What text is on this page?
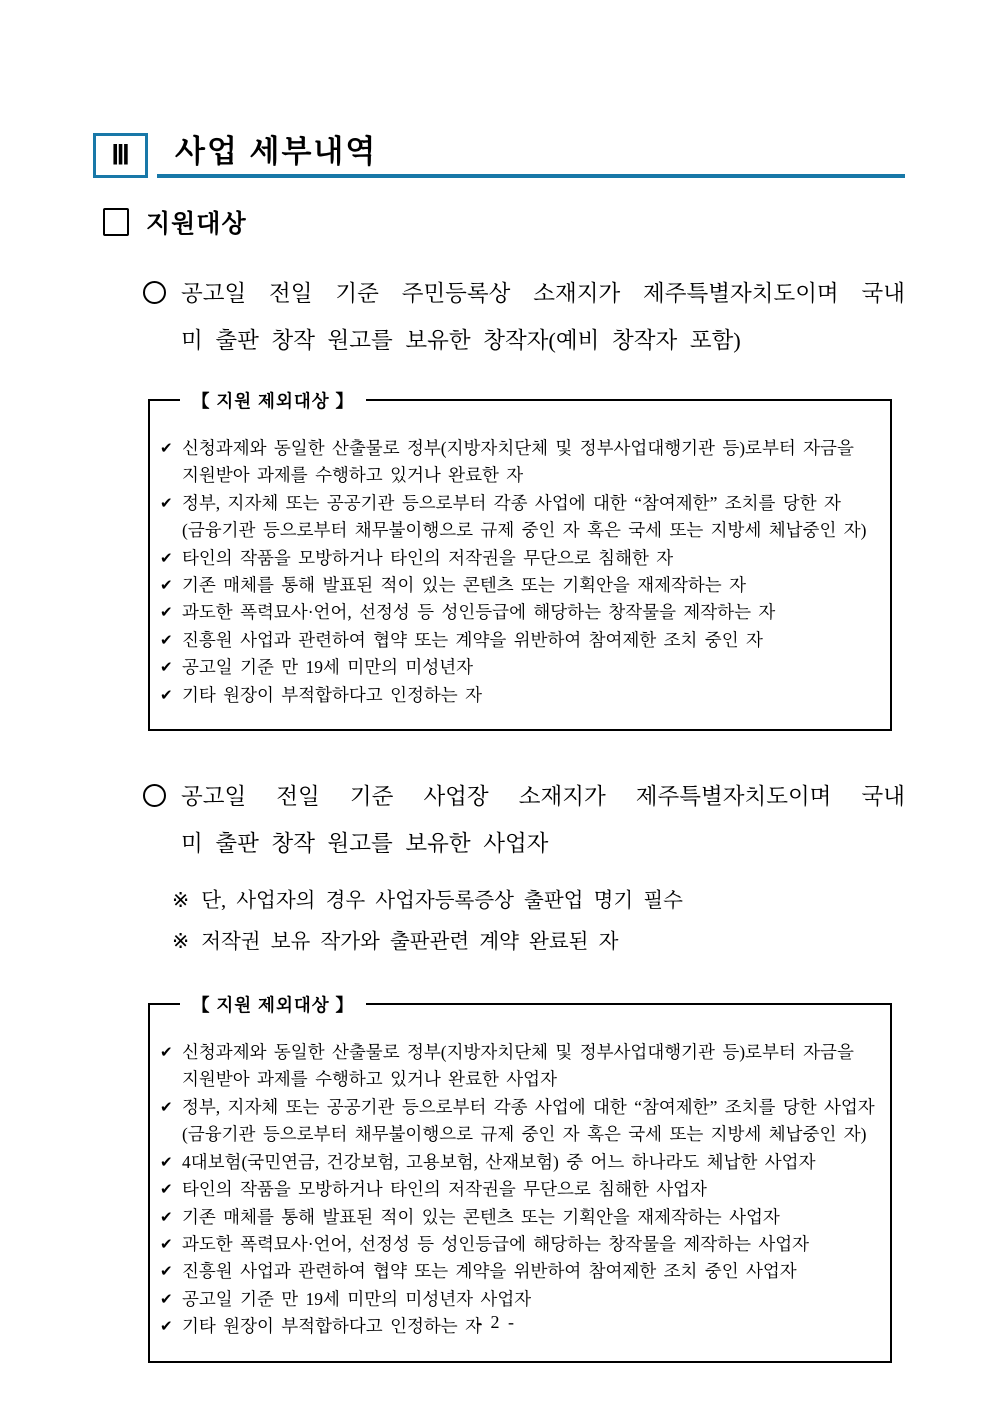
Ⅲ	사업 세부내역
지원대상
공고일 전일 기준 주민등록상 소재지가 제주특별자치도이며 국내
미 출판 창작 원고를 보유한 창작자(예비 창작자 포함)
【 지원 제외대상 】
✔ 신청과제와 동일한 산출물로 정부(지방자치단체 및 정부사업대행기관 등)로부터 자금을
지원받아 과제를 수행하고 있거나 완료한 자
✔ 정부, 지자체 또는 공공기관 등으로부터 각종 사업에 대한 “참여제한” 조치를 당한 자
(금융기관 등으로부터 채무불이행으로 규제 중인 자 혹은 국세 또는 지방세 체납중인 자)
✔ 타인의 작품을 모방하거나 타인의 저작권을 무단으로 침해한 자
✔ 기존 매체를 통해 발표된 적이 있는 콘텐츠 또는 기획안을 재제작하는 자
✔ 과도한 폭력묘사·언어, 선정성 등 성인등급에 해당하는 창작물을 제작하는 자
✔ 진흥원 사업과 관련하여 협약 또는 계약을 위반하여 참여제한 조치 중인 자
✔ 공고일 기준 만 19세 미만의 미성년자
✔ 기타 원장이 부적합하다고 인정하는 자
공고일 전일 기준 사업장 소재지가 제주특별자치도이며 국내
미 출판 창작 원고를 보유한 사업자
※ 단, 사업자의 경우 사업자등록증상 출판업 명기 필수
※ 저작권 보유 작가와 출판관련 계약 완료된 자
【 지원 제외대상 】
✔ 신청과제와 동일한 산출물로 정부(지방자치단체 및 정부사업대행기관 등)로부터 자금을
지원받아 과제를 수행하고 있거나 완료한 사업자
✔ 정부, 지자체 또는 공공기관 등으로부터 각종 사업에 대한 “참여제한” 조치를 당한 사업자
(금융기관 등으로부터 채무불이행으로 규제 중인 자 혹은 국세 또는 지방세 체납중인 자)
✔ 4대보험(국민연금, 건강보험, 고용보험, 산재보험) 중 어느 하나라도 체납한 사업자
✔ 타인의 작품을 모방하거나 타인의 저작권을 무단으로 침해한 사업자
✔ 기존 매체를 통해 발표된 적이 있는 콘텐츠 또는 기획안을 재제작하는 사업자
✔ 과도한 폭력묘사·언어, 선정성 등 성인등급에 해당하는 창작물을 제작하는 사업자
✔ 진흥원 사업과 관련하여 협약 또는 계약을 위반하여 참여제한 조치 중인 사업자
✔ 공고일 기준 만 19세 미만의 미성년자 사업자
✔ 기타 원장이 부적합하다고 인정하는 자
- 2 -
